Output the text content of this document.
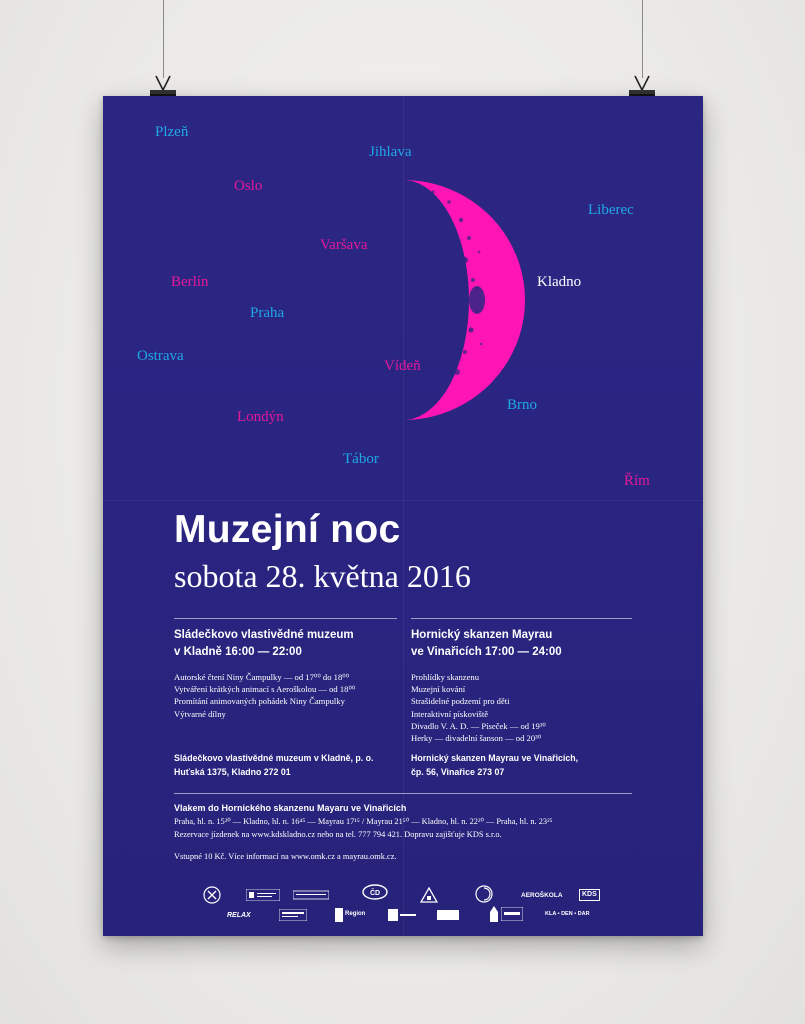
Plzeň
Jihlava
Oslo
Liberec
Varšava
Kladno
Berlín
Praha
Ostrava
Vídeň
Brno
Londýn
Tábor
Řím
Muzejní noc
sobota 28. května 2016
Sládečkovo vlastivědné muzeum
v Kladně 16:00 — 22:00
Autorské čtení Niny Čampulky — od 17⁰⁰ do 18⁰⁰
Vytváření krátkých animací s Aeroškolou — od 18⁰⁰
Promítání animovaných pohádek Niny Čampulky
Výtvarné dílny
Sládečkovo vlastivědné muzeum v Kladně, p. o.
Huťská 1375, Kladno 272 01
Hornický skanzen Mayrau
ve Vinařicích 17:00 — 24:00
Prohlídky skanzenu
Muzejní kování
Strašidelné podzemí pro děti
Interaktivní pískoviště
Divadlo V. A. D. — Píseček — od 19³⁰
Herky — divadelní šanson — od 20³⁰
Hornický skanzen Mayrau ve Vinařicích,
čp. 56, Vinařice 273 07
Vlakem do Hornického skanzenu Mayaru ve Vinařicích
Praha, hl. n. 15³⁰ — Kladno, hl. n. 16⁴⁵ — Mayrau 17¹⁵ / Mayrau 21⁵⁰ — Kladno, hl. n. 22²⁰ — Praha, hl. n. 23²⁵
Rezervace jízdenek na www.kdskladno.cz nebo na tel. 777 794 421. Dopravu zajišťuje KDS s.r.o.
Vstupné 10 Kč. Více informací na www.omk.cz a mayrau.omk.cz.
ČD	AEROŠKOLA	KDS
RELAX	Region	KLA • DEN • DAR
